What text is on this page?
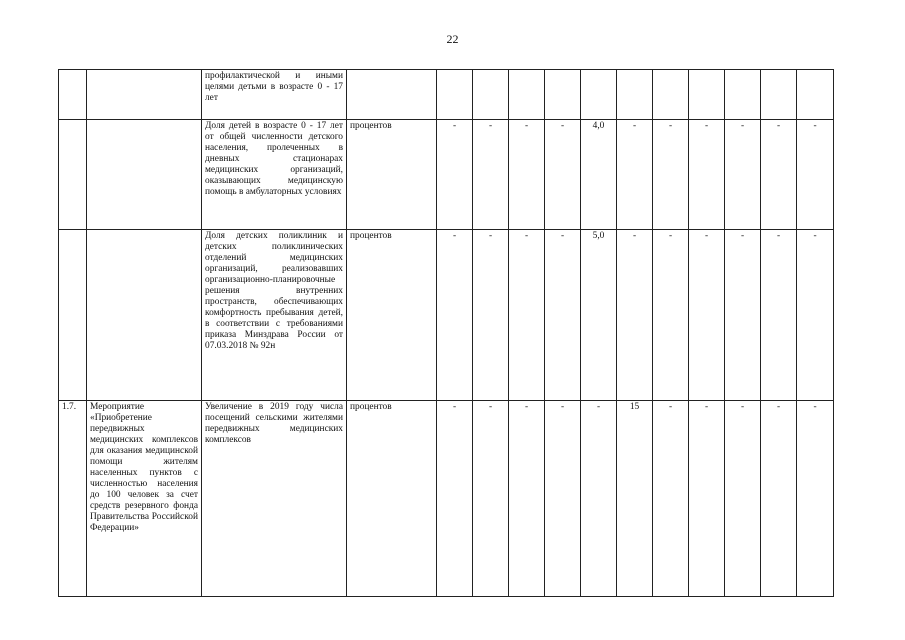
22
		профилактической и иными целями детьми в возрасте 0 - 17 лет												
		Доля детей в возрасте 0 - 17 лет от общей численности детского населения, пролеченных в дневных стационарах медицинских организаций, оказывающих медицинскую помощь в амбулаторных условиях	процентов	-	-	-	-	4,0	-	-	-	-	-	-
		Доля детских поликлиник и детских поликлинических отделений медицинских организаций, реализовавших организационно-планировочные решения внутренних пространств, обеспечивающих комфортность пребывания детей, в соответствии с требованиями приказа Минздрава России от 07.03.2018 № 92н	процентов	-	-	-	-	5,0	-	-	-	-	-	-
1.7.	Мероприятие «Приобретение передвижных медицинских комплексов для оказания медицинской помощи жителям населенных пунктов с численностью населения до 100 человек за счет средств резервного фонда Правительства Российской Федерации»	Увеличение в 2019 году числа посещений сельскими жителями передвижных медицинских комплексов	процентов	-	-	-	-	-	15	-	-	-	-	-
